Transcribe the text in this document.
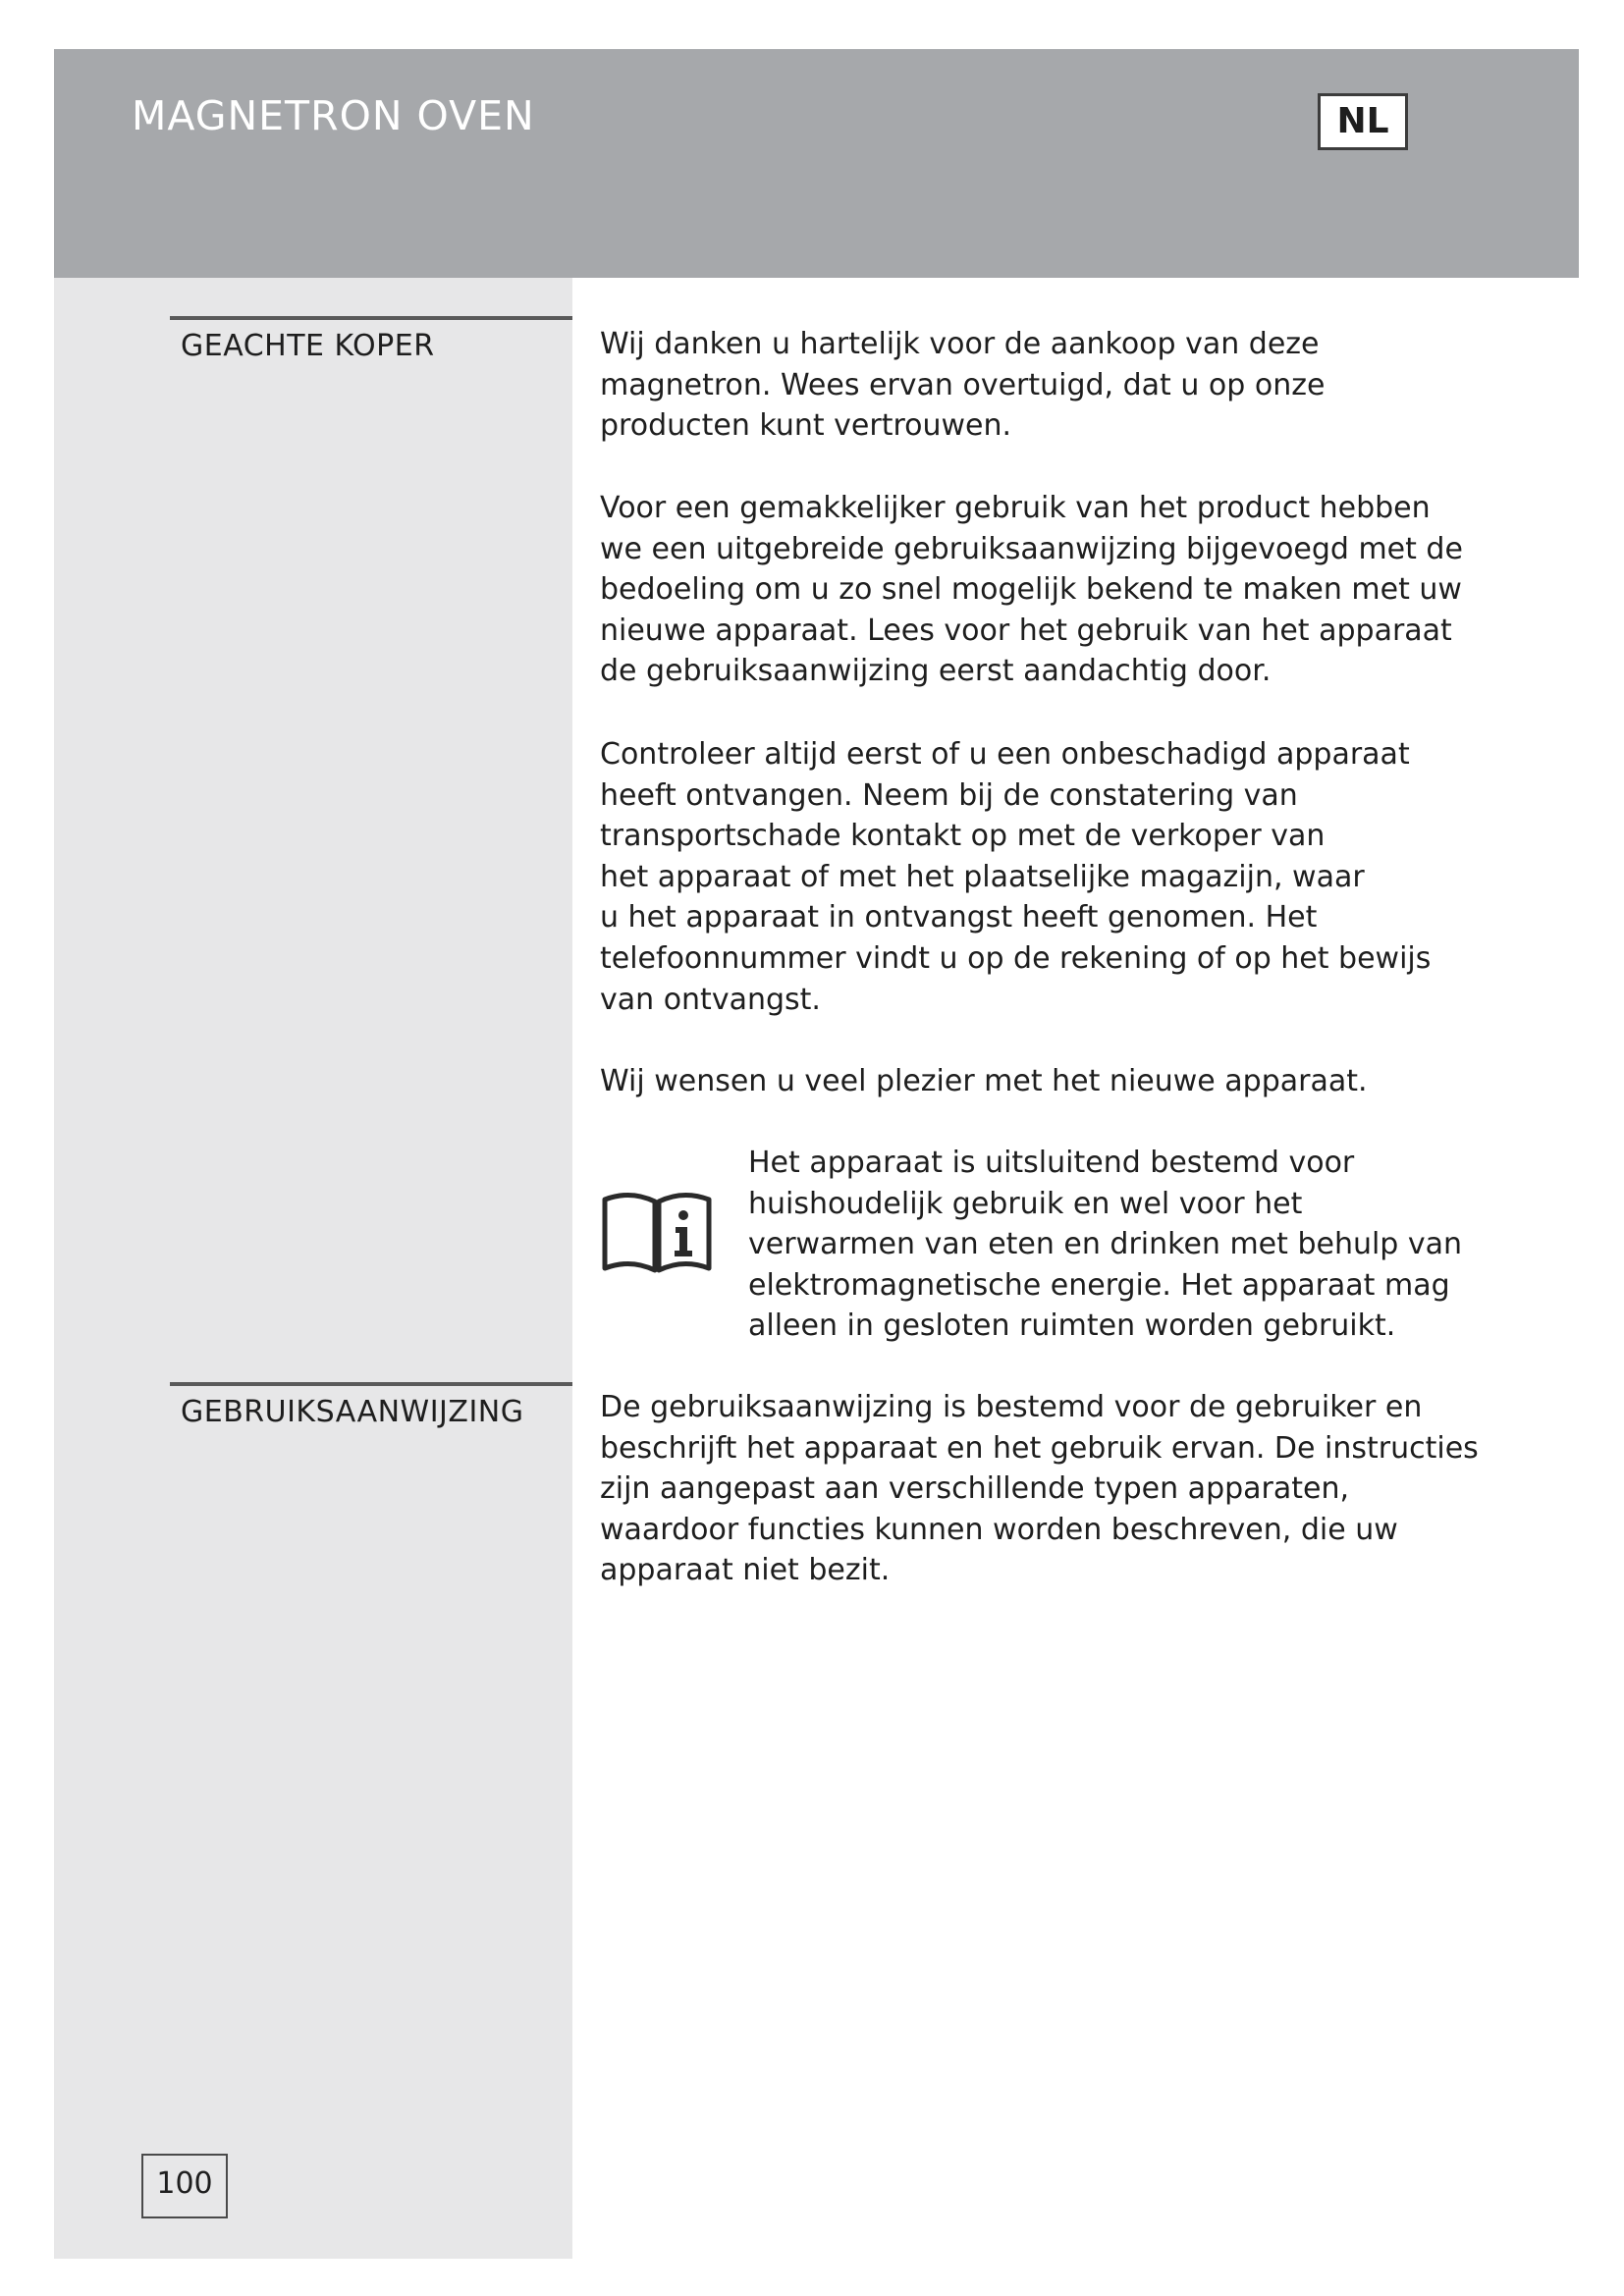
MAGNETRON OVEN	NL
GEACHTE KOPER	Wij danken u hartelijk voor de aankoop van deze
magnetron. Wees ervan overtuigd, dat u op onze
producten kunt vertrouwen.

Voor een gemakkelijker gebruik van het product hebben
we een uitgebreide gebruiksaanwijzing bijgevoegd met de
bedoeling om u zo snel mogelijk bekend te maken met uw
nieuwe apparaat. Lees voor het gebruik van het apparaat
de gebruiksaanwijzing eerst aandachtig door.

Controleer altijd eerst of u een onbeschadigd apparaat
heeft ontvangen. Neem bij de constatering van
transportschade kontakt op met de verkoper van
het apparaat of met het plaatselijke magazijn, waar
u het apparaat in ontvangst heeft genomen. Het
telefoonnummer vindt u op de rekening of op het bewijs
van ontvangst.

Wij wensen u veel plezier met het nieuwe apparaat.

Het apparaat is uitsluitend bestemd voor
huishoudelijk gebruik en wel voor het
verwarmen van eten en drinken met behulp van
elektromagnetische energie. Het apparaat mag
alleen in gesloten ruimten worden gebruikt.

GEBRUIKSAANWIJZING	De gebruiksaanwijzing is bestemd voor de gebruiker en
beschrijft het apparaat en het gebruik ervan. De instructies
zijn aangepast aan verschillende typen apparaten,
waardoor functies kunnen worden beschreven, die uw
apparaat niet bezit.

100
